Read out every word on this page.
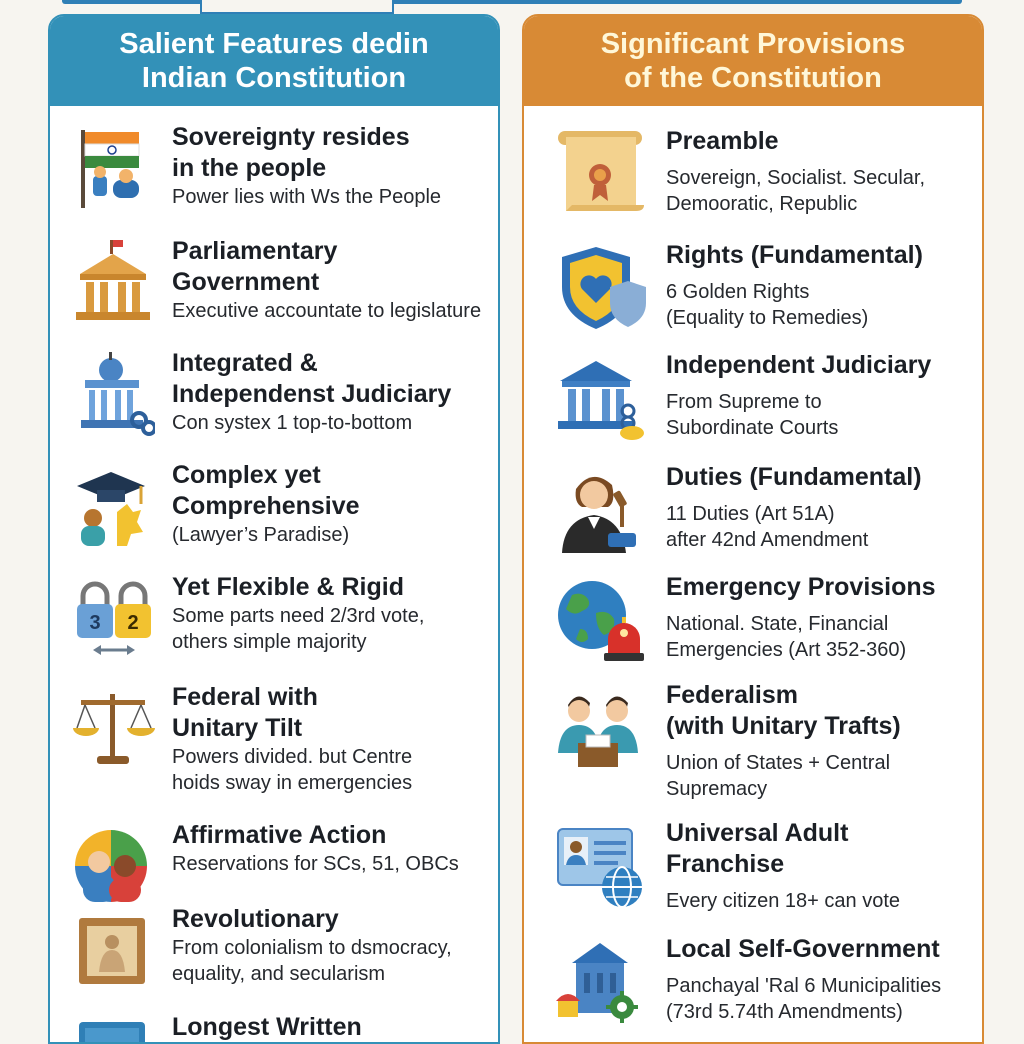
Salient Features dedin
Indian Constitution
Sovereignty resides
in the people
Power lies with Ws the People
Parliamentary
Government
Executive accountate to legislature
Integrated &
Independenst Judiciary
Con systex 1 top-to-bottom
Complex yet
Comprehensive
(Lawyer’s Paradise)
3 2
Yet Flexible & Rigid
Some parts need 2/3rd vote,
others simple majority
Federal with
Unitary Tilt
Powers divided. but Centre
hoids sway in emergencies
Affirmative Action
Reservations for SCs, 51, OBCs
Revolutionary
From colonialism to dsmocracy,
equality, and secularism
Longest Written
Significant Provisions
of the Constitution
Preamble
Sovereign, Socialist. Secular,
Demooratic, Republic
Rights (Fundamental)
6 Golden Rights
(Equality to Remedies)
Independent Judiciary
From Supreme to
Subordinate Courts
Duties (Fundamental)
11 Duties (Art 51A)
after 42nd Amendment
Emergency Provisions
National. State, Financial
Emergencies (Art 352-360)
Federalism
(with Unitary Trafts)
Union of States + Central
Supremacy
Universal Adult
Franchise
Every citizen 18+ can vote
Local Self-Government
Panchayal 'Ral 6 Municipalities
(73rd 5.74th Amendments)
